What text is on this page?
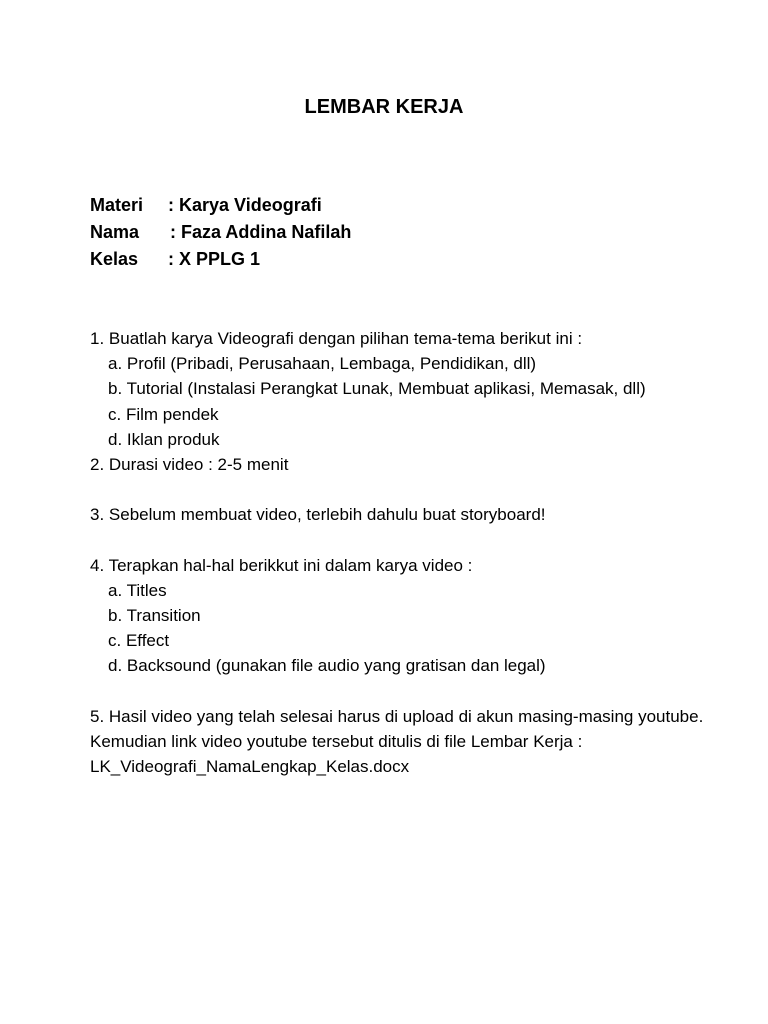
LEMBAR KERJA
Materi : Karya Videografi
Nama : Faza Addina Nafilah
Kelas : X PPLG 1
1. Buatlah karya Videografi dengan pilihan tema-tema berikut ini :
a. Profil (Pribadi, Perusahaan, Lembaga, Pendidikan, dll)
b. Tutorial (Instalasi Perangkat Lunak, Membuat aplikasi, Memasak, dll)
c. Film pendek
d. Iklan produk
2. Durasi video : 2-5 menit
3. Sebelum membuat video, terlebih dahulu buat storyboard!
4. Terapkan hal-hal berikkut ini dalam karya video :
a. Titles
b. Transition
c. Effect
d. Backsound (gunakan file audio yang gratisan dan legal)
5. Hasil video yang telah selesai harus di upload di akun masing-masing youtube. Kemudian link video youtube tersebut ditulis di file Lembar Kerja : LK_Videografi_NamaLengkap_Kelas.docx
